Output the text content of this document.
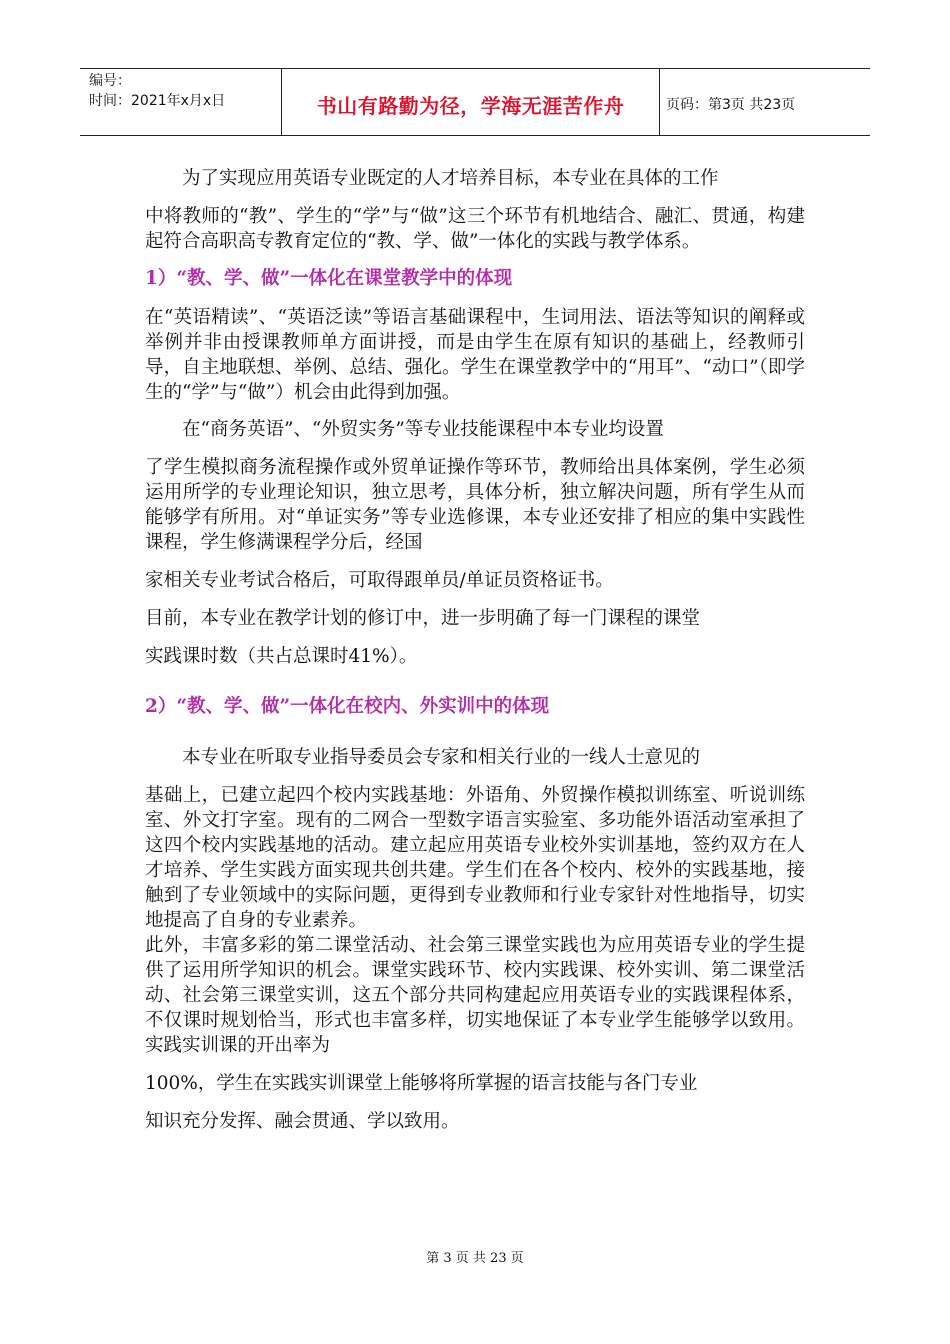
编号：
时间：2021年x月x日	书山有路勤为径，学海无涯苦作舟	页码：第3页 共23页

为了实现应用英语专业既定的人才培养目标，本专业在具体的工作

中将教师的“教”、学生的“学”与“做”这三个环节有机地结合、融汇、贯通，构建起符合高职高专教育定位的“教、学、做”一体化的实践与教学体系。

1）“教、学、做”一体化在课堂教学中的体现

在“英语精读”、“英语泛读”等语言基础课程中，生词用法、语法等知识的阐释或举例并非由授课教师单方面讲授，而是由学生在原有知识的基础上，经教师引导，自主地联想、举例、总结、强化。学生在课堂教学中的“用耳”、“动口”（即学生的“学”与“做”）机会由此得到加强。

在“商务英语”、“外贸实务”等专业技能课程中本专业均设置

了学生模拟商务流程操作或外贸单证操作等环节，教师给出具体案例，学生必须运用所学的专业理论知识，独立思考，具体分析，独立解决问题，所有学生从而能够学有所用。对“单证实务”等专业选修课，本专业还安排了相应的集中实践性课程，学生修满课程学分后，经国

家相关专业考试合格后，可取得跟单员/单证员资格证书。

目前，本专业在教学计划的修订中，进一步明确了每一门课程的课堂

实践课时数（共占总课时41%）。

2）“教、学、做”一体化在校内、外实训中的体现

本专业在听取专业指导委员会专家和相关行业的一线人士意见的

基础上，已建立起四个校内实践基地：外语角、外贸操作模拟训练室、听说训练室、外文打字室。现有的二网合一型数字语言实验室、多功能外语活动室承担了这四个校内实践基地的活动。建立起应用英语专业校外实训基地，签约双方在人才培养、学生实践方面实现共创共建。学生们在各个校内、校外的实践基地，接触到了专业领域中的实际问题，更得到专业教师和行业专家针对性地指导，切实地提高了自身的专业素养。

此外，丰富多彩的第二课堂活动、社会第三课堂实践也为应用英语专业的学生提供了运用所学知识的机会。课堂实践环节、校内实践课、校外实训、第二课堂活动、社会第三课堂实训，这五个部分共同构建起应用英语专业的实践课程体系，不仅课时规划恰当，形式也丰富多样，切实地保证了本专业学生能够学以致用。实践实训课的开出率为

100%，学生在实践实训课堂上能够将所掌握的语言技能与各门专业

知识充分发挥、融会贯通、学以致用。

第 3 页 共 23 页
